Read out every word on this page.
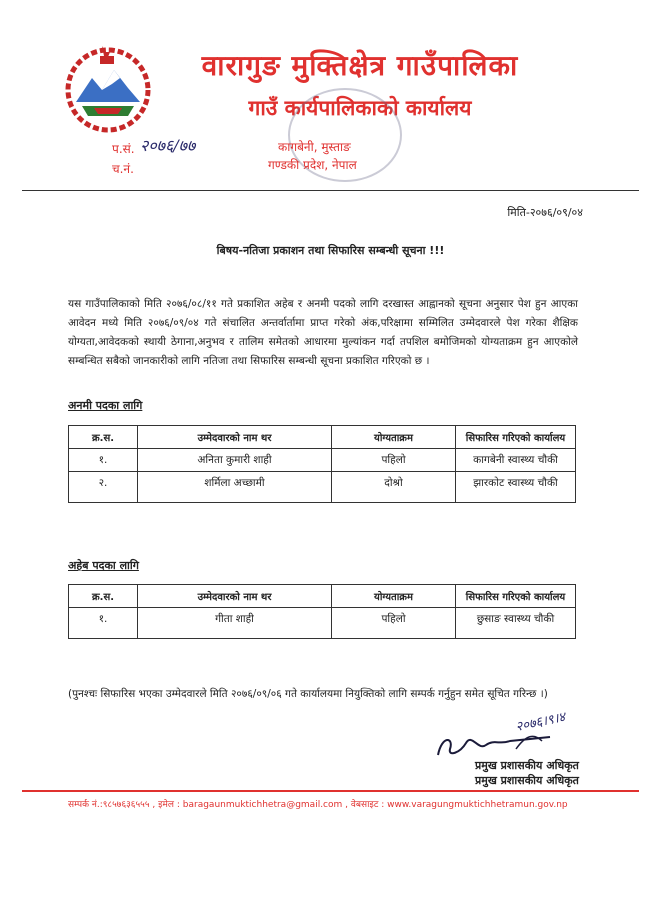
वारागुङ मुक्तिक्षेत्र गाउँपालिका
गाउँ कार्यपालिकाको कार्यालय
प.सं. २०७६/७७
च.नं.
कागबेनी, मुस्ताङ
गण्डकी प्रदेश, नेपाल
मिति-२०७६/०९/०४
बिषय-नतिजा प्रकाशन तथा सिफारिस सम्बन्धी सूचना !!!
यस गाउँपालिकाको मिति २०७६/०८/११ गते प्रकाशित अहेब र अनमी पदको लागि दरखास्त आह्वानको सूचना अनुसार पेश हुन आएका आवेदन मध्ये मिति २०७६/०९/०४ गते संचालित अन्तर्वार्तामा प्राप्त गरेको अंक,परिक्षामा सम्मिलित उम्मेदवारले पेश गरेका शैक्षिक योग्यता,आवेदकको स्थायी ठेगाना,अनुभव र तालिम समेतको आधारमा मुल्यांकन गर्दा तपशिल बमोजिमको योग्यताक्रम हुन आएकोले सम्बन्धित सबैको जानकारीको लागि नतिजा तथा सिफारिस सम्बन्धी सूचना प्रकाशित गरिएको छ ।
अनमी पदका लागि
क्र.स.	उम्मेदवारको नाम थर	योग्यताक्रम	सिफारिस गरिएको कार्यालय
१.	अनिता कुमारी शाही	पहिलो	कागबेनी स्वास्थ्य चौकी
२.	शर्मिला अच्छामी	दोश्रो	झारकोट स्वास्थ्य चौकी
अहेब पदका लागि
क्र.स.	उम्मेदवारको नाम थर	योग्यताक्रम	सिफारिस गरिएको कार्यालय
१.	गीता शाही	पहिलो	छुसाङ स्वास्थ्य चौकी
(पुनश्चः सिफारिस भएका उम्मेदवारले मिति २०७६/०९/०६ गते कार्यालयमा नियुक्तिको लागि सम्पर्क गर्नुहुन समेत सूचित गरिन्छ ।)
२०७६।९।४
प्रमुख प्रशासकीय अधिकृत
प्रमुख प्रशासकीय अधिकृत
सम्पर्क नं.:९८५७६३६५५५ , इमेल : baragaunmuktichhetra@gmail.com , वेबसाइट : www.varagungmuktichhetramun.gov.np
